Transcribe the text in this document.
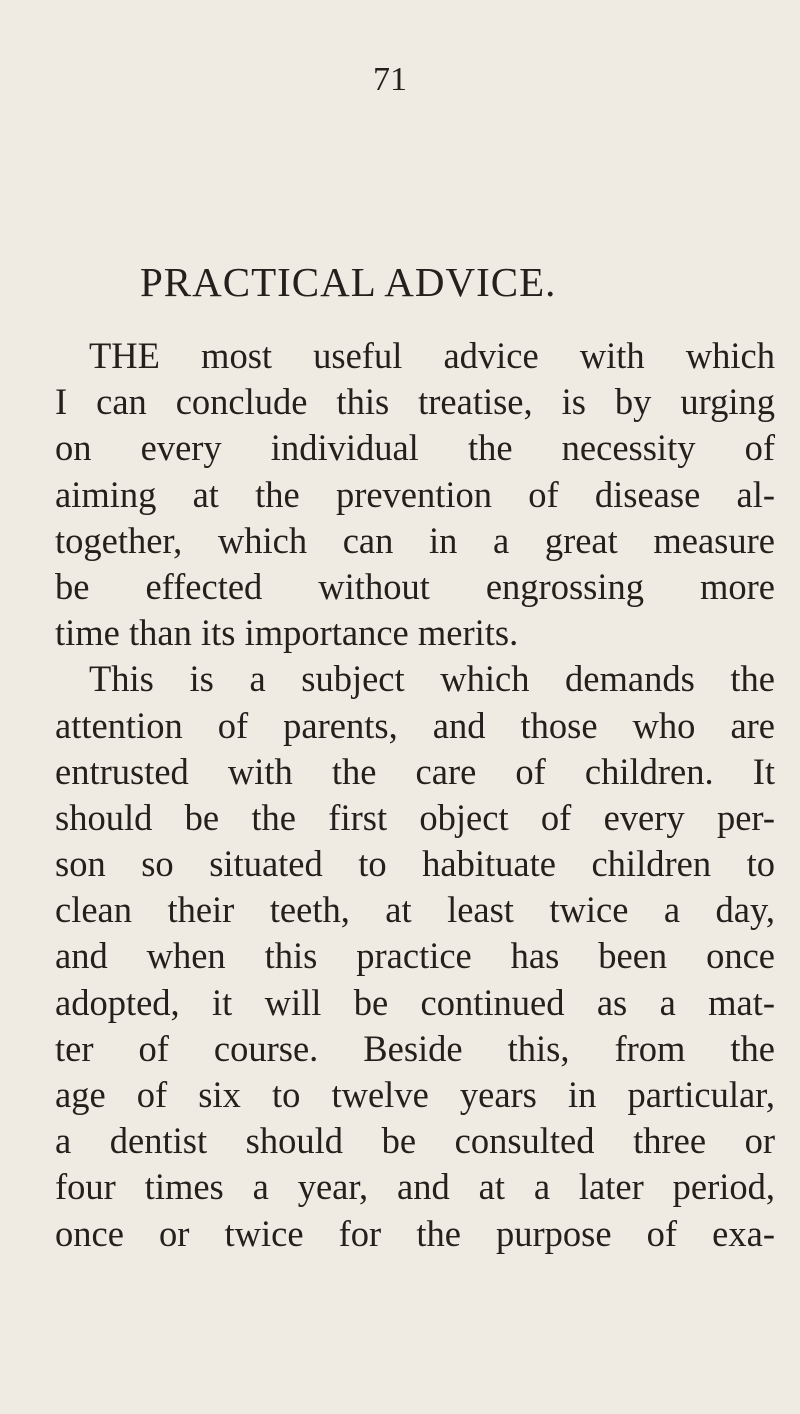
71
PRACTICAL ADVICE.
THE most useful advice with which
I can conclude this treatise, is by urging
on every individual the necessity of
aiming at the prevention of disease al-
together, which can in a great measure
be effected without engrossing more
time than its importance merits.
This is a subject which demands the
attention of parents, and those who are
entrusted with the care of children. It
should be the first object of every per-
son so situated to habituate children to
clean their teeth, at least twice a day,
and when this practice has been once
adopted, it will be continued as a mat-
ter of course. Beside this, from the
age of six to twelve years in particular,
a dentist should be consulted three or
four times a year, and at a later period,
once or twice for the purpose of exa-
